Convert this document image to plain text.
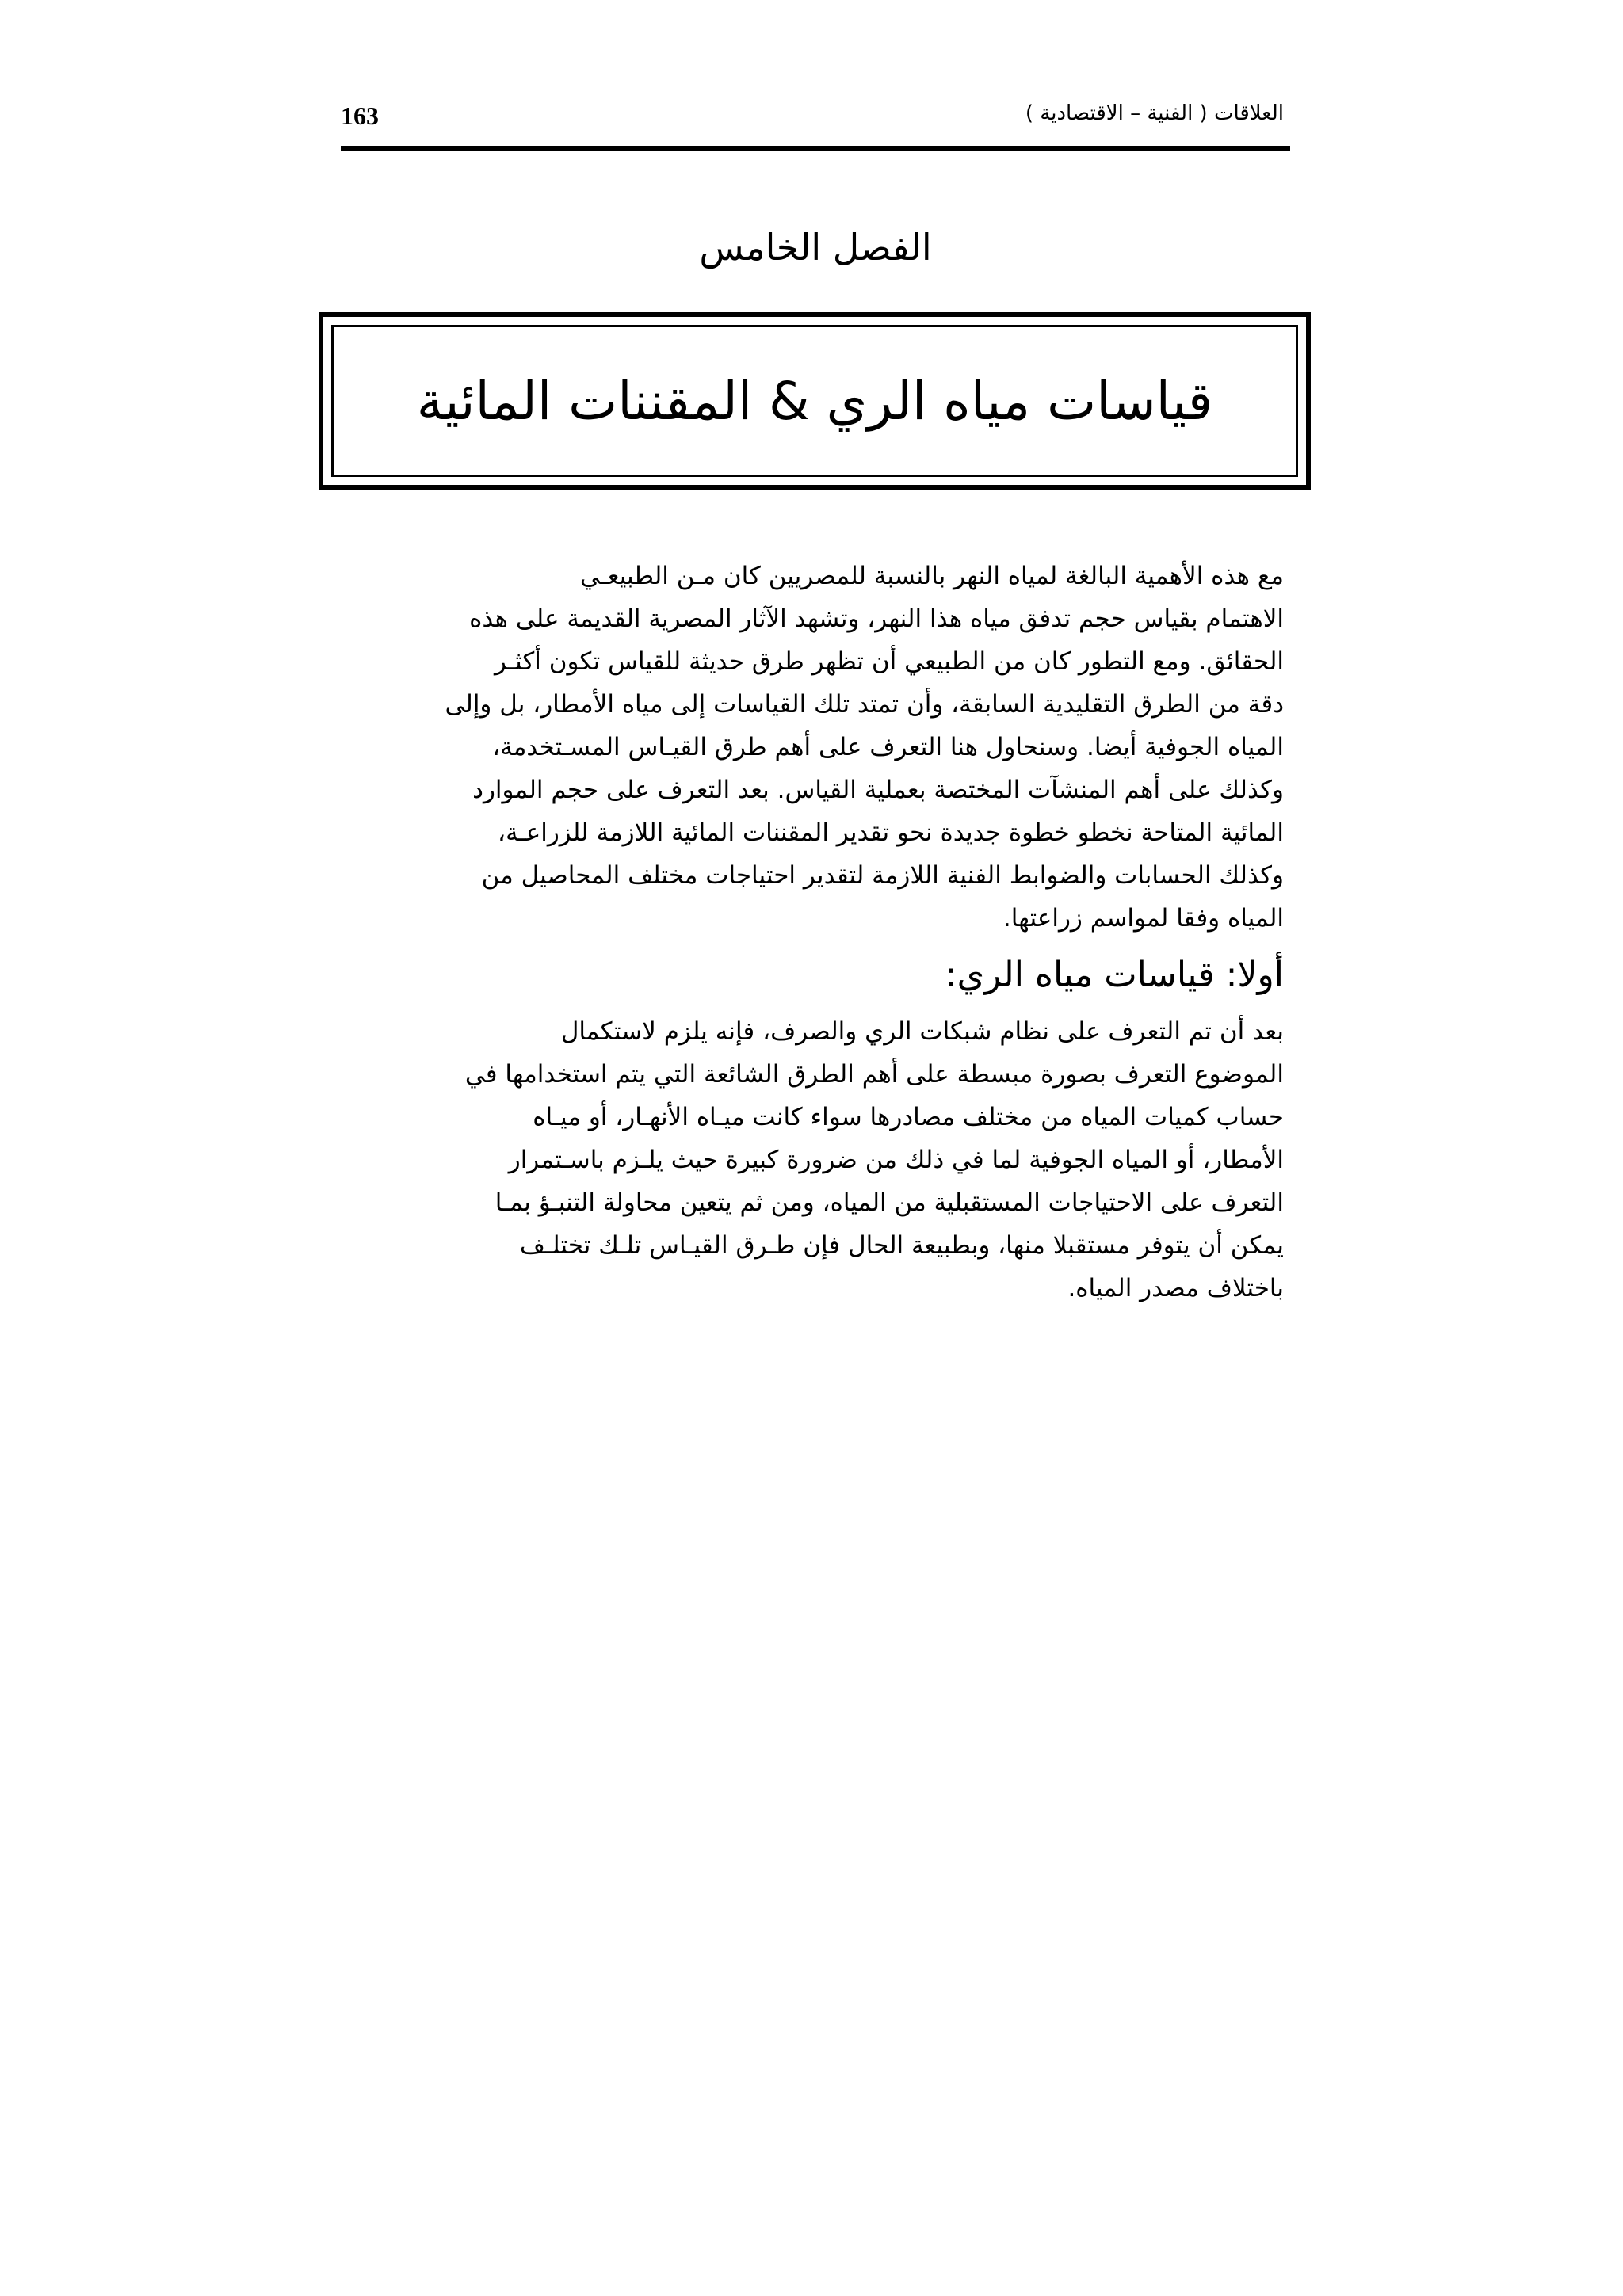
163	العلاقات ( الفنية – الاقتصادية )
الفصل الخامس
قياسات مياه الري & المقننات المائية
مع هذه الأهمية البالغة لمياه النهر بالنسبة للمصريين كان مـن الطبيعـي
الاهتمام بقياس حجم تدفق مياه هذا النهر، وتشهد الآثار المصرية القديمة على هذه
الحقائق. ومع التطور كان من الطبيعي أن تظهر طرق حديثة للقياس تكون أكثـر
دقة من الطرق التقليدية السابقة، وأن تمتد تلك القياسات إلى مياه الأمطار، بل وإلى
المياه الجوفية أيضا. وسنحاول هنا التعرف على أهم طرق القيـاس المسـتخدمة،
وكذلك على أهم المنشآت المختصة بعملية القياس. بعد التعرف على حجم الموارد
المائية المتاحة نخطو خطوة جديدة نحو تقدير المقننات المائية اللازمة للزراعـة،
وكذلك الحسابات والضوابط الفنية اللازمة لتقدير احتياجات مختلف المحاصيل من
المياه وفقا لمواسم زراعتها.
أولا: قياسات مياه الري:
بعد أن تم التعرف على نظام شبكات الري والصرف، فإنه يلزم لاستكمال
الموضوع التعرف بصورة مبسطة على أهم الطرق الشائعة التي يتم استخدامها في
حساب كميات المياه من مختلف مصادرها سواء كانت ميـاه الأنهـار، أو ميـاه
الأمطار، أو المياه الجوفية لما في ذلك من ضرورة كبيرة حيث يلـزم باسـتمرار
التعرف على الاحتياجات المستقبلية من المياه، ومن ثم يتعين محاولة التنبـؤ بمـا
يمكن أن يتوفر مستقبلا منها، وبطبيعة الحال فإن طـرق القيـاس تلـك تختلـف
باختلاف مصدر المياه.
